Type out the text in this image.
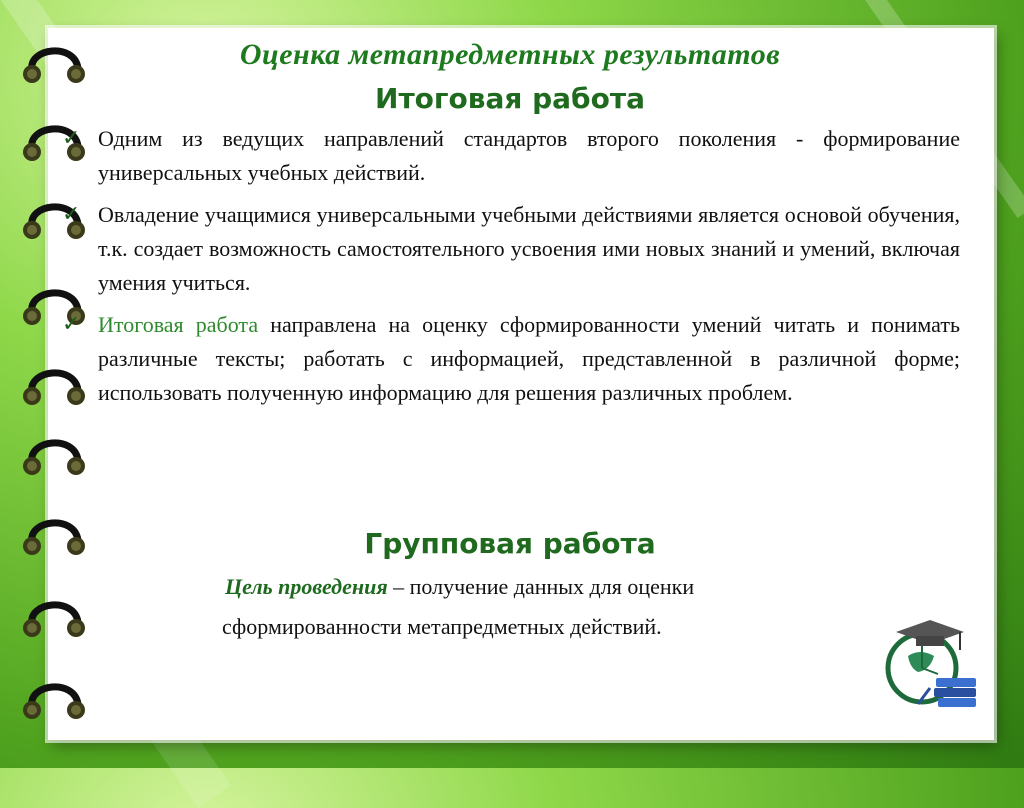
Оценка метапредметных результатов
Итоговая работа
✓ Одним из ведущих направлений стандартов второго поколения - формирование универсальных учебных действий.
✓ Овладение учащимися универсальными учебными действиями является основой обучения, т.к. создает возможность самостоятельного усвоения ими новых знаний и умений, включая умения учиться.
✓ Итоговая работа направлена на оценку сформированности умений читать и понимать различные тексты; работать с информацией, представленной в различной форме; использовать полученную информацию для решения различных проблем.
Групповая работа
Цель проведения – получение данных для оценки
сформированности метапредметных действий.
